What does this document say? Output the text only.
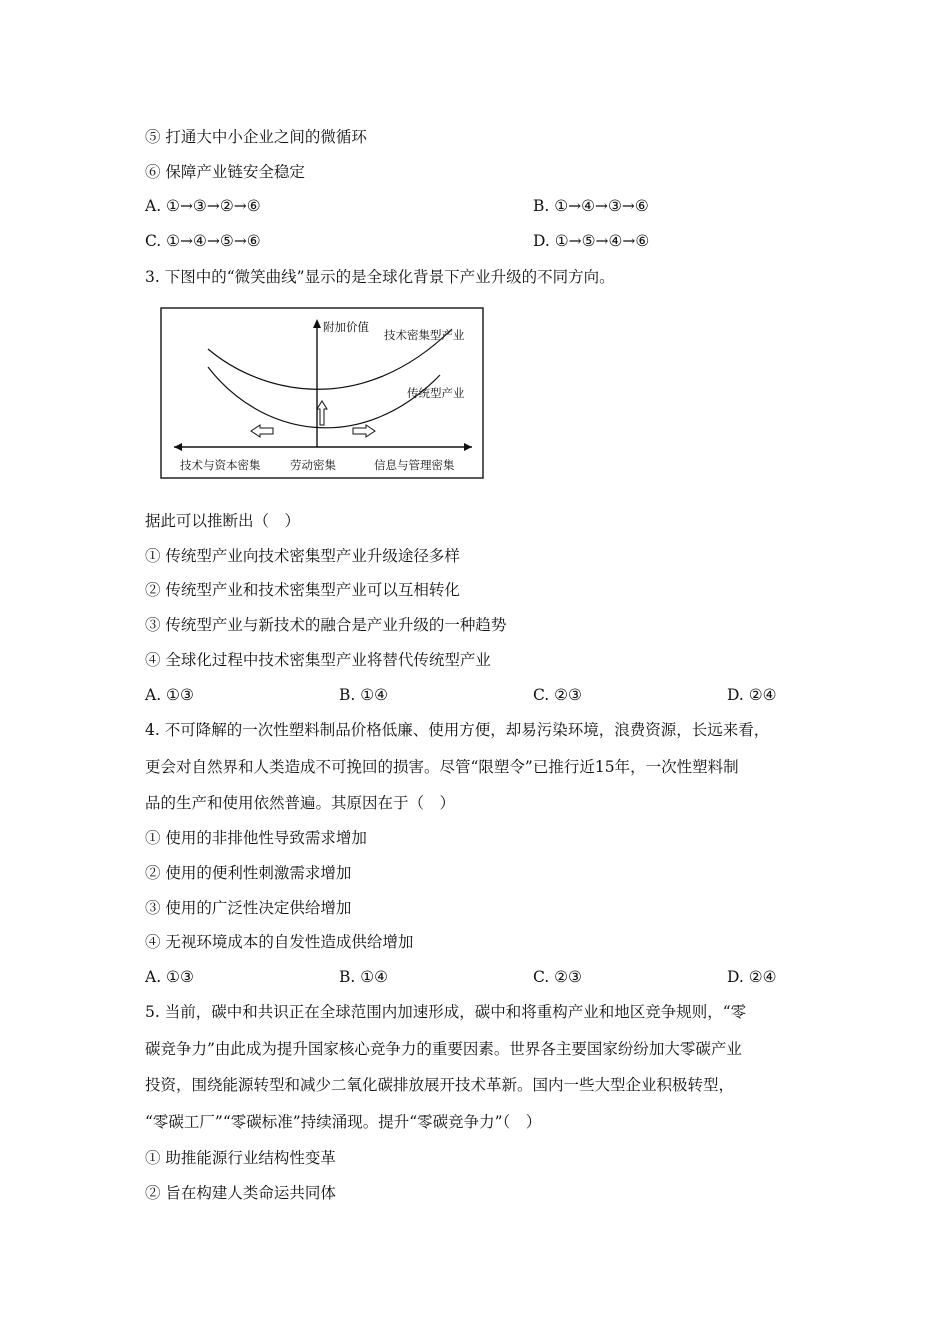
⑤ 打通大中小企业之间的微循环
⑥ 保障产业链安全稳定
A. ①→③→②→⑥	B. ①→④→③→⑥
C. ①→④→⑤→⑥	D. ①→⑤→④→⑥
3. 下图中的“微笑曲线”显示的是全球化背景下产业升级的不同方向。
附加价值
技术密集型产业
传统型产业
技术与资本密集	劳动密集	信息与管理密集
据此可以推断出（　）
① 传统型产业向技术密集型产业升级途径多样
② 传统型产业和技术密集型产业可以互相转化
③ 传统型产业与新技术的融合是产业升级的一种趋势
④ 全球化过程中技术密集型产业将替代传统型产业
A. ①③	B. ①④	C. ②③	D. ②④
4. 不可降解的一次性塑料制品价格低廉、使用方便，却易污染环境，浪费资源，长远来看，
更会对自然界和人类造成不可挽回的损害。尽管“限塑令”已推行近15年，一次性塑料制
品的生产和使用依然普遍。其原因在于（　）
① 使用的非排他性导致需求增加
② 使用的便利性刺激需求增加
③ 使用的广泛性决定供给增加
④ 无视环境成本的自发性造成供给增加
A. ①③	B. ①④	C. ②③	D. ②④
5. 当前，碳中和共识正在全球范围内加速形成，碳中和将重构产业和地区竞争规则，“零
碳竞争力”由此成为提升国家核心竞争力的重要因素。世界各主要国家纷纷加大零碳产业
投资，围绕能源转型和减少二氧化碳排放展开技术革新。国内一些大型企业积极转型，
“零碳工厂”“零碳标准”持续涌现。提升“零碳竞争力”（　）
① 助推能源行业结构性变革
② 旨在构建人类命运共同体
